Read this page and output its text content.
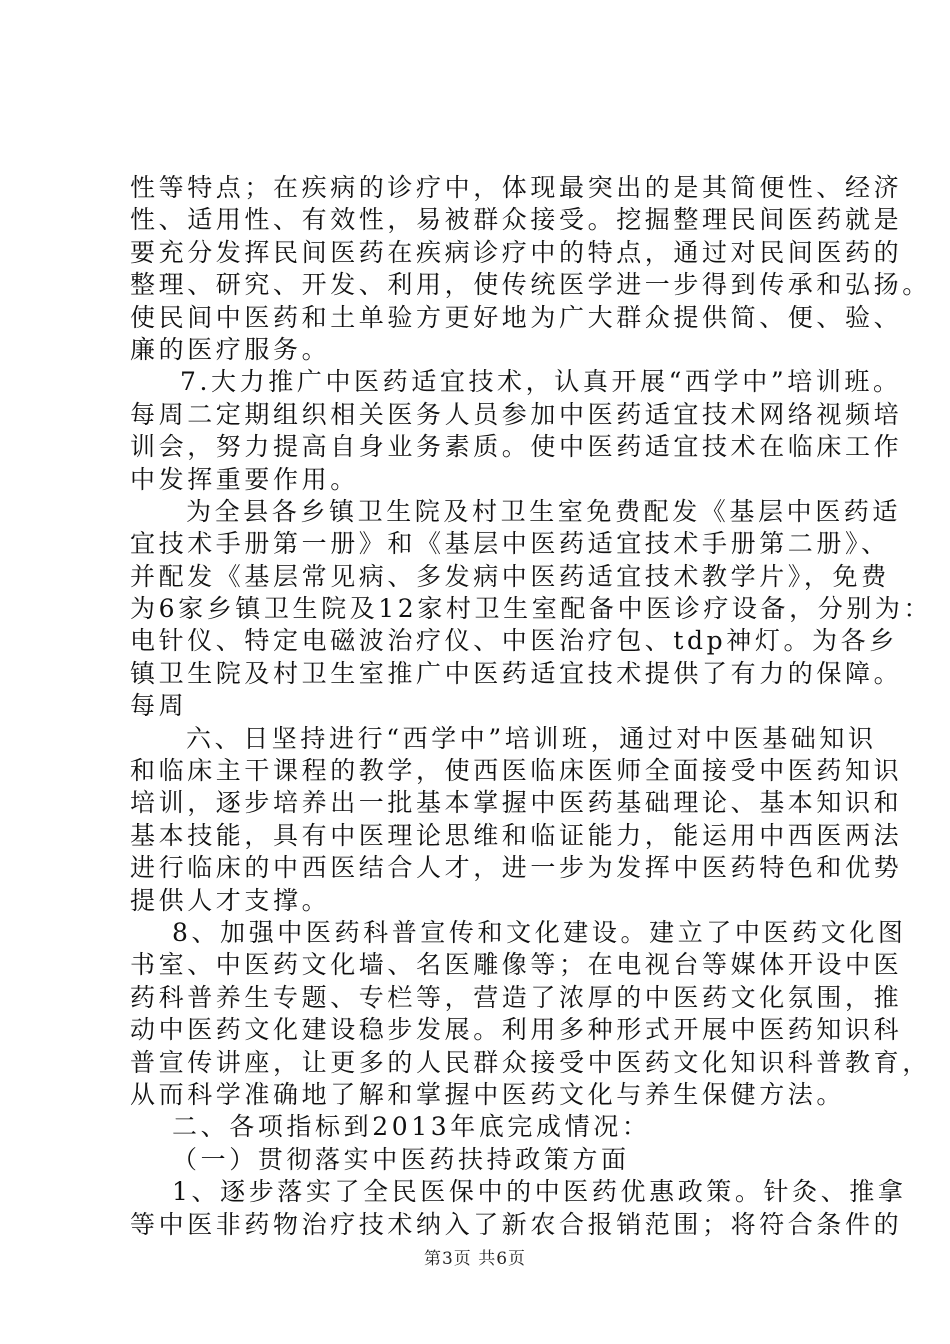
性等特点；在疾病的诊疗中，体现最突出的是其简便性、经济
性、适用性、有效性，易被群众接受。挖掘整理民间医药就是
要充分发挥民间医药在疾病诊疗中的特点，通过对民间医药的
整理、研究、开发、利用，使传统医学进一步得到传承和弘扬。
使民间中医药和土单验方更好地为广大群众提供简、便、验、
廉的医疗服务。
7.大力推广中医药适宜技术，认真开展“西学中”培训班。
每周二定期组织相关医务人员参加中医药适宜技术网络视频培
训会，努力提高自身业务素质。使中医药适宜技术在临床工作
中发挥重要作用。
为全县各乡镇卫生院及村卫生室免费配发《基层中医药适
宜技术手册第一册》和《基层中医药适宜技术手册第二册》、
并配发《基层常见病、多发病中医药适宜技术教学片》，免费
为6家乡镇卫生院及12家村卫生室配备中医诊疗设备，分别为：
电针仪、特定电磁波治疗仪、中医治疗包、tdp神灯。为各乡
镇卫生院及村卫生室推广中医药适宜技术提供了有力的保障。
每周
六、日坚持进行“西学中”培训班，通过对中医基础知识
和临床主干课程的教学，使西医临床医师全面接受中医药知识
培训，逐步培养出一批基本掌握中医药基础理论、基本知识和
基本技能，具有中医理论思维和临证能力，能运用中西医两法
进行临床的中西医结合人才，进一步为发挥中医药特色和优势
提供人才支撑。
8、加强中医药科普宣传和文化建设。建立了中医药文化图
书室、中医药文化墙、名医雕像等；在电视台等媒体开设中医
药科普养生专题、专栏等，营造了浓厚的中医药文化氛围，推
动中医药文化建设稳步发展。利用多种形式开展中医药知识科
普宣传讲座，让更多的人民群众接受中医药文化知识科普教育，
从而科学准确地了解和掌握中医药文化与养生保健方法。
二、各项指标到2013年底完成情况：
（一）贯彻落实中医药扶持政策方面
1、逐步落实了全民医保中的中医药优惠政策。针灸、推拿
等中医非药物治疗技术纳入了新农合报销范围；将符合条件的
第3页 共6页
